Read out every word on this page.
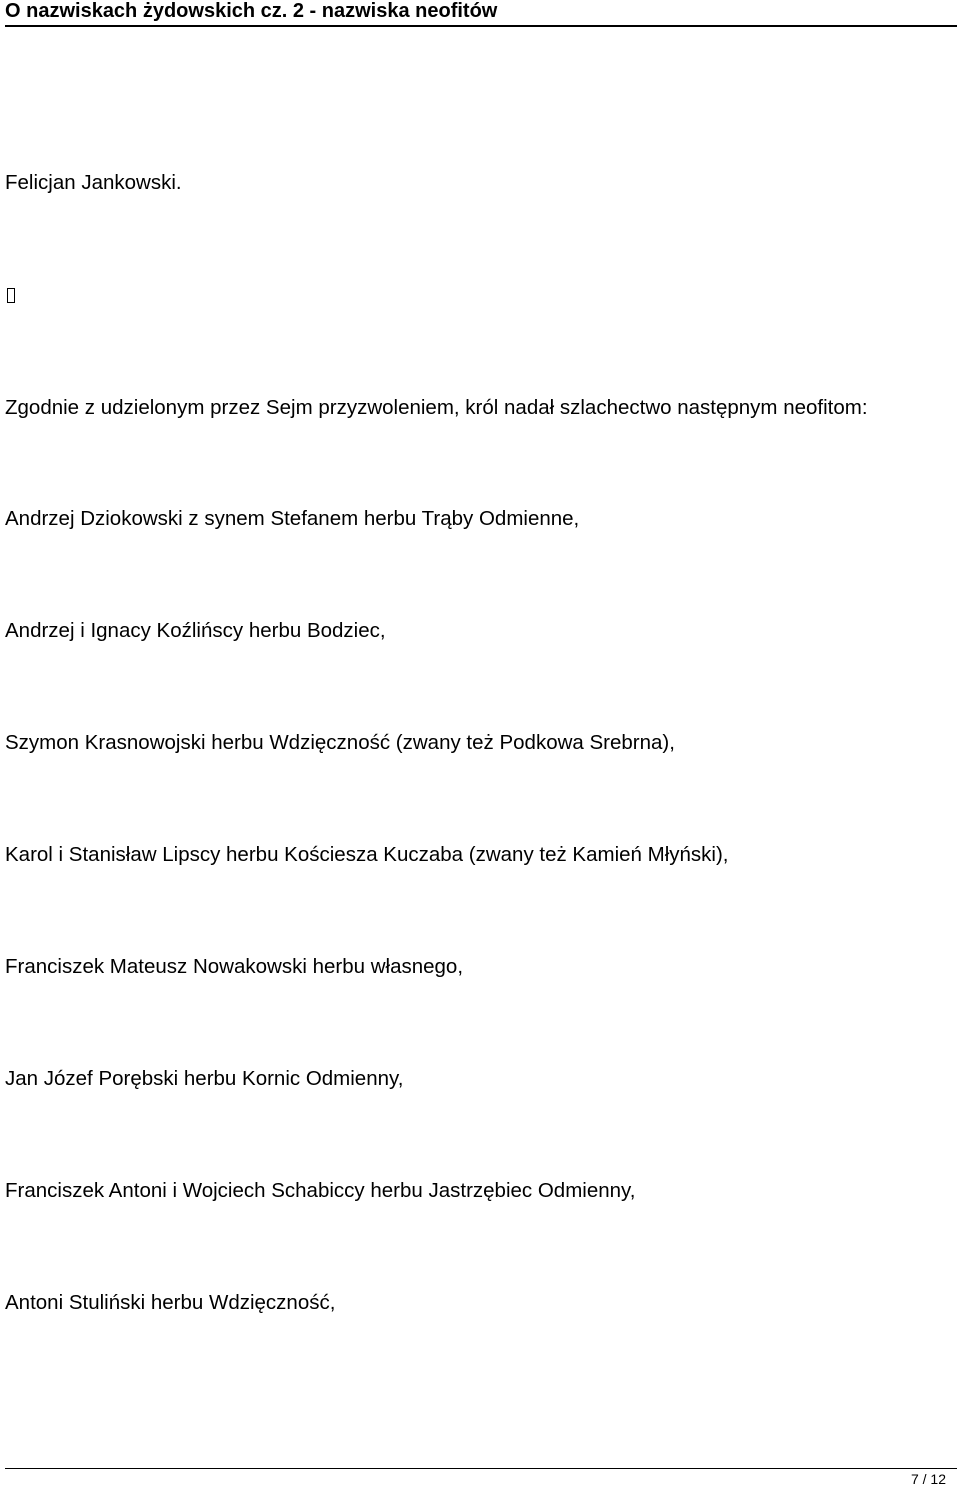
O nazwiskach żydowskich cz. 2 - nazwiska neofitów
Felicjan Jankowski.
Zgodnie z udzielonym przez Sejm przyzwoleniem, król nadał szlachectwo następnym neofitom:
Andrzej Dziokowski z synem Stefanem herbu Trąby Odmienne,
Andrzej i Ignacy Koźlińscy herbu Bodziec,
Szymon Krasnowojski herbu Wdzięczność (zwany też Podkowa Srebrna),
Karol i Stanisław Lipscy herbu Kościesza Kuczaba (zwany też Kamień Młyński),
Franciszek Mateusz Nowakowski herbu własnego,
Jan Józef Porębski herbu Kornic Odmienny,
Franciszek Antoni i Wojciech Schabiccy herbu Jastrzębiec Odmienny,
Antoni Stuliński herbu Wdzięczność,
7 / 12
